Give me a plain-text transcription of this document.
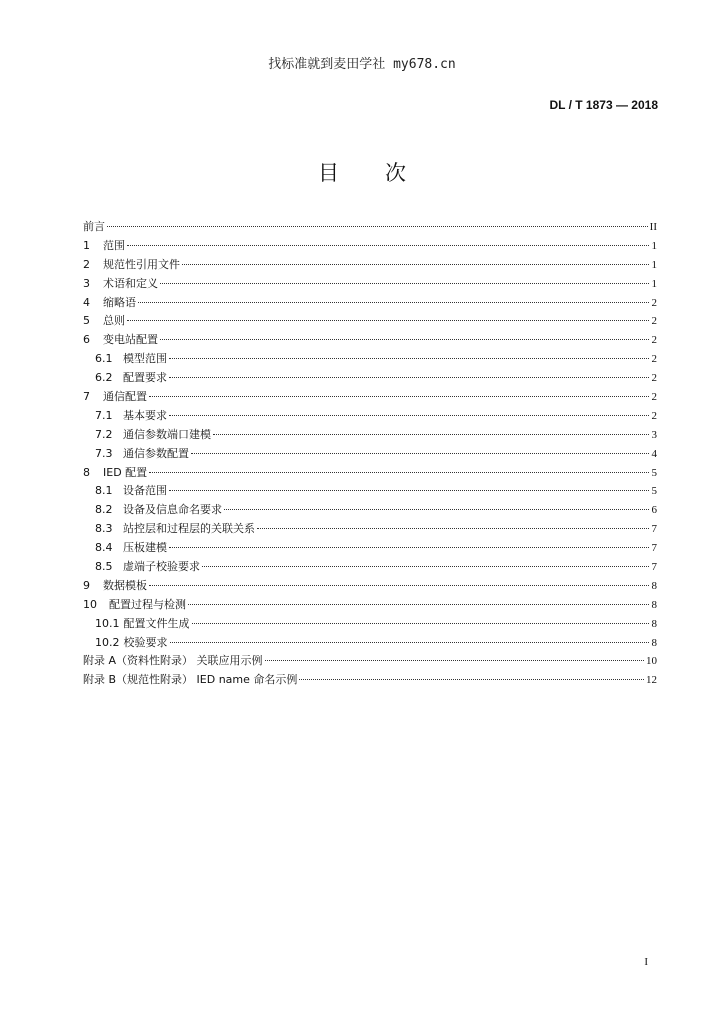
找标准就到麦田学社 my678.cn
DL / T 1873 — 2018
目次
前言	II
1	范围	1
2	规范性引用文件	1
3	术语和定义	1
4	缩略语	2
5	总则	2
6	变电站配置	2
6.1 模型范围	2
6.2 配置要求	2
7	通信配置	2
7.1 基本要求	2
7.2 通信参数端口建模	3
7.3 通信参数配置	4
8	IED 配置	5
8.1 设备范围	5
8.2 设备及信息命名要求	6
8.3 站控层和过程层的关联关系	7
8.4 压板建模	7
8.5 虚端子校验要求	7
9	数据模板	8
10	配置过程与检测	8
10.1 配置文件生成	8
10.2 校验要求	8
附录 A（资料性附录） 关联应用示例	10
附录 B（规范性附录） IED name 命名示例	12
I
